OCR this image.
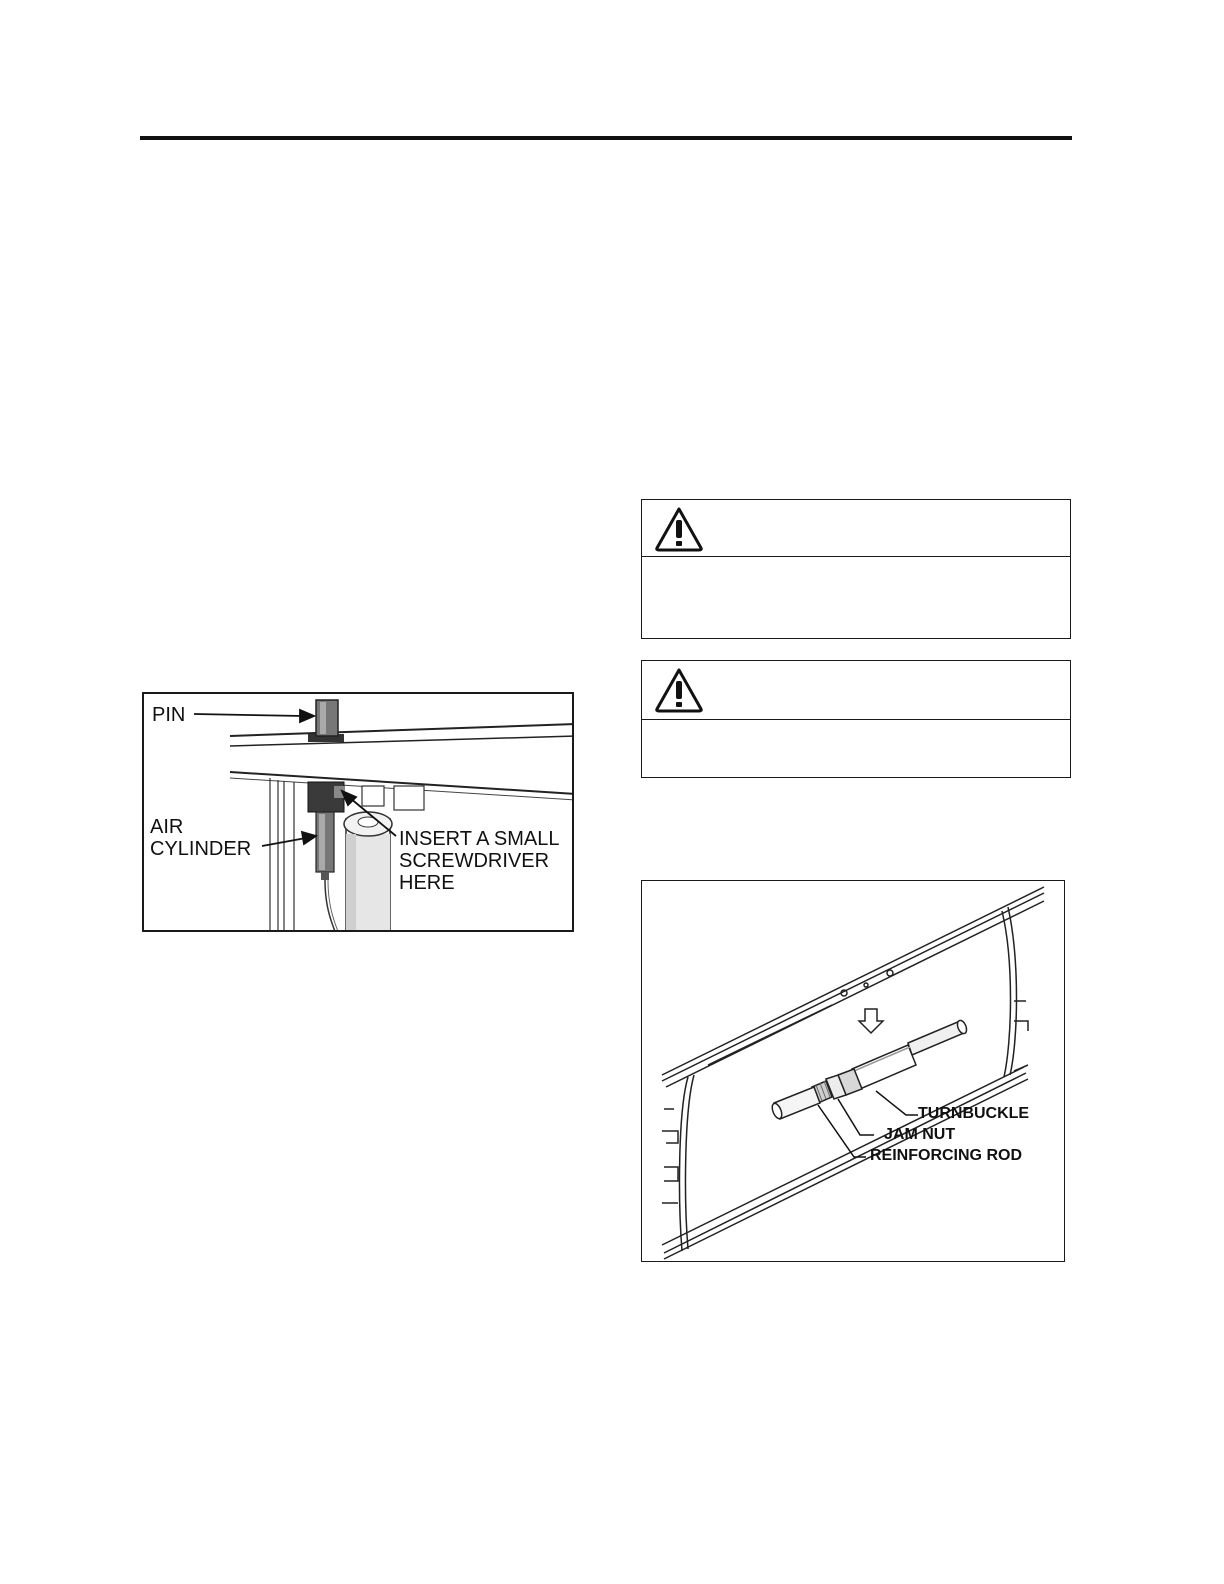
PIN
AIR
CYLINDER	INSERT A SMALL
SCREWDRIVER
HERE
TURNBUCKLE
JAM NUT
REINFORCING ROD
